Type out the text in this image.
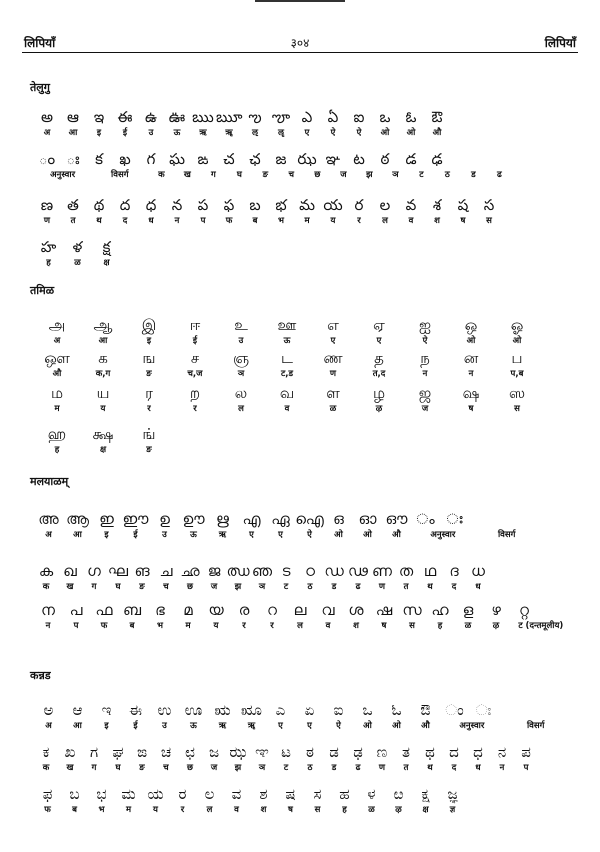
लिपियाँ	३०४	लिपियाँ
तेलुगु
అ ఆ ఇ ఈ ఉ ఊ ఋ ౠ ఌ ౡ ఎ	ఏ	ఐ	ఒ	ఓ	ఔ
अ	आ	इ	ई	उ	ऊ	ऋ	ॠ	ऌ	ॡ	ए	ऐ	ऐ	ओ	ओ	औ
ం ః	క	ఖ	గ ఘ ఙ చ ఛ జ ఝ ఞ ట	ఠ	డ ఢ
अनुस्वार	विसर्ग	क	ख	ग	घ	ङ	च	छ	ज	झ	ञ	ट	ठ	ड	ढ
ణ త థ	ద	ధ	న	ప	ఫ	బ భ మ య ర	ల	వ	శ	ష	స
ण	त	थ	द	ध	न	प	फ	ब	भ	म	य	र	ल	व	श	ष	स
హ	ళ	క్ష
ह	ळ	क्ष
तमिळ
அ	ஆ	இ	ஈ	உ	ஊ	எ	ஏ	ஐ	ஒ	ஓ
अ	आ	इ	ई	उ	ऊ	ए	ए	ऐ	ओ	ओ
ஔ	க	ங	ச	ஞ	ட	ண	த	ந	ன	ப
औ	क,ग	ङ	च,ज	ञ	ट,ड	ण	त,द	न	न	प,ब
ம	ய	ர	ற	ல	வ	ள	ழ	ஜ	ஷ	ஸ
म	य	र	र	ल	व	ळ	ऴ	ज	ष	स
ஹ	க்ஷ	ங்
ह	क्ष	ङ
मलयाळम्
അ ആ ഇ ഈ ഉ ഊ ഋ എ ഏ ഐ ഒ ഓ ഔ ം ഃ
अ	आ	इ	ई	उ	ऊ	ऋ	ए	ए	ऐ	ओ	ओ	औ	अनुस्वार	विसर्ग
ക ഖ ഗ ഘ ങ ച ഛ ജ ഝ ഞ ട ഠ ഡ ഢ ണ ത ഥ ദ ധ
क	ख	ग	घ	ङ	च	छ	ज	झ	ञ	ट	ठ	ड	ढ	ण	त	थ	द	ध
ന പ ഫ ബ ഭ	മ	യ ര	റ	ല	വ ശ ഷ സ ഹ ള	ഴ	റ്റ
न	प	फ	ब	भ	म	य	र	र	ल	व	श	ष	स	ह	ळ	ऴ	ट (दन्तमूलीय)
कन्नड
ಅ	ಆ	ಇ	ಈ	ಉ ಊ ಋ ೠ ಎ	ಏ	ಐ	ಒ	ಓ	ಔ ಂ ಃ
अ	आ	इ	ई	उ	ऊ	ऋ	ॠ	ए	ए	ऐ	ओ	ओ	औ	अनुस्वार	विसर्ग
ಕ	ಖ ಗ ಘ ಙ ಚ ಛ ಜ ಝ ಞ ಟ	ಠ	ಡ ಢ ಣ ತ	ಥ ದ ಧ ನ	ಪ
क	ख	ग	घ	ङ	च	छ	ज	झ	ञ	ट	ठ	ड	ढ	ण	त	थ	द	ध	न	प
ಫ	ಬ	ಭ ಮ ಯ	ರ	ಲ	ವ	ಶ	ಷ	ಸ	ಹ	ಳ	ೞ	ಕ್ಷ	ಜ್ಞ
फ	ब	भ	म	य	र	ल	व	श	ष	स	ह	ळ	ऴ	क्ष	ज्ञ
